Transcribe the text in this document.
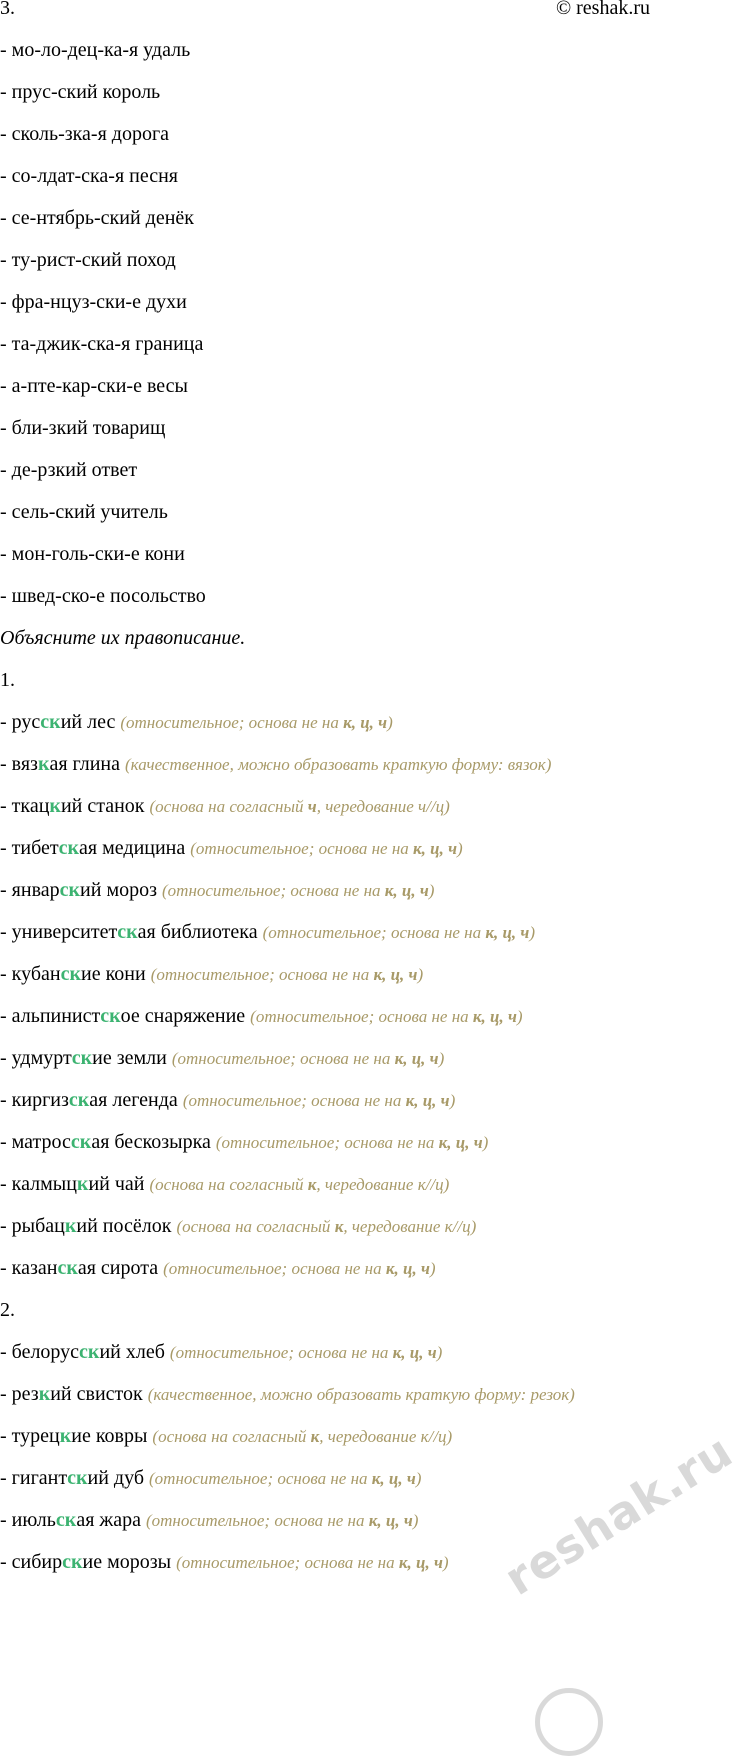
3.	© reshak.ru
- мо-ло-дец-ка-я удаль
- прус-ский король
- сколь-зка-я дорога
- со-лдат-ска-я песня
- се-нтябрь-ский денёк
- ту-рист-ский поход
- фра-нцуз-ски-е духи
- та-джик-ска-я граница
- а-пте-кар-ски-е весы
- бли-зкий товарищ
- де-рзкий ответ
- сель-ский учитель
- мон-голь-ски-е кони
- швед-ско-е посольство
Объясните их правописание.
1.
- русский лес (относительное; основа не на к, ц, ч)
- вязкая глина (качественное, можно образовать краткую форму: вязок)
- ткацкий станок (основа на согласный ч, чередование ч//ц)
- тибетская медицина (относительное; основа не на к, ц, ч)
- январский мороз (относительное; основа не на к, ц, ч)
- университетская библиотека (относительное; основа не на к, ц, ч)
- кубанские кони (относительное; основа не на к, ц, ч)
- альпинистское снаряжение (относительное; основа не на к, ц, ч)
- удмуртские земли (относительное; основа не на к, ц, ч)
- киргизская легенда (относительное; основа не на к, ц, ч)
- матросская бескозырка (относительное; основа не на к, ц, ч)
- калмыцкий чай (основа на согласный к, чередование к//ц)
- рыбацкий посёлок (основа на согласный к, чередование к//ц)
- казанская сирота (относительное; основа не на к, ц, ч)
2.
- белорусский хлеб (относительное; основа не на к, ц, ч)
- резкий свисток (качественное, можно образовать краткую форму: резок)
- турецкие ковры (основа на согласный к, чередование к//ц)
- гигантский дуб (относительное; основа не на к, ц, ч)
- июльская жара (относительное; основа не на к, ц, ч)
- сибирские морозы (относительное; основа не на к, ц, ч) reshak.ru
